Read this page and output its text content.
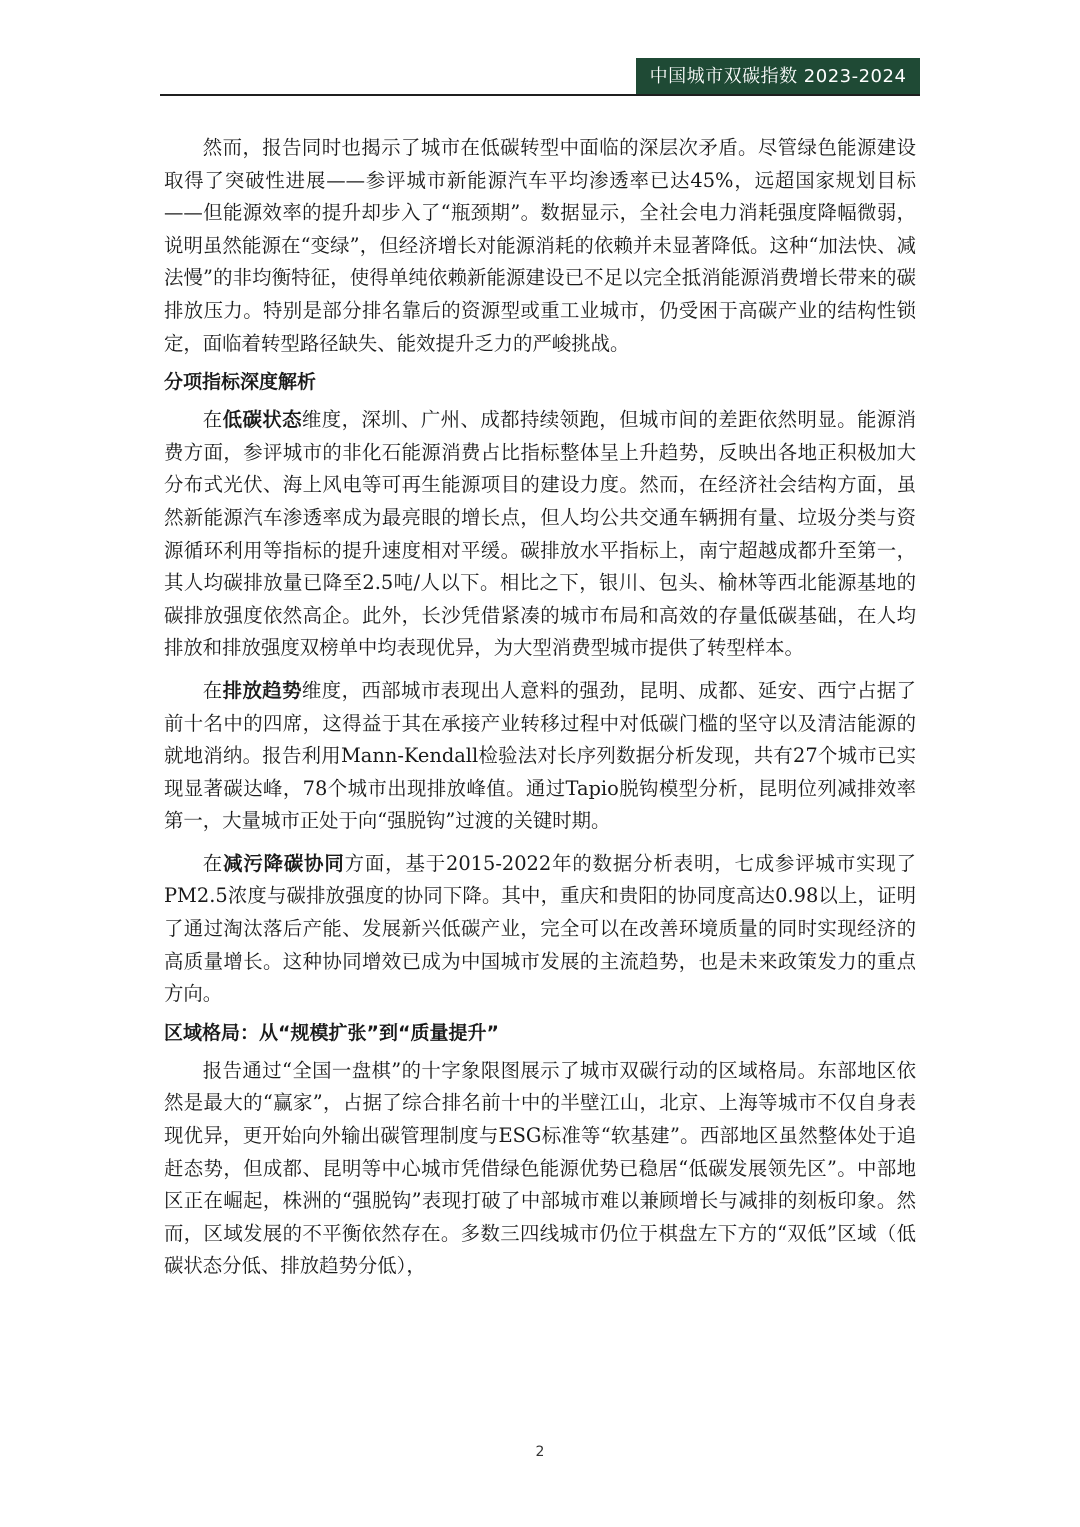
中国城市双碳指数 2023-2024

然而，报告同时也揭示了城市在低碳转型中面临的深层次矛盾。尽管绿色能源建设取得了突破性进展——参评城市新能源汽车平均渗透率已达45%，远超国家规划目标——但能源效率的提升却步入了“瓶颈期”。数据显示，全社会电力消耗强度降幅微弱，说明虽然能源在“变绿”，但经济增长对能源消耗的依赖并未显著降低。这种“加法快、减法慢”的非均衡特征，使得单纯依赖新能源建设已不足以完全抵消能源消费增长带来的碳排放压力。特别是部分排名靠后的资源型或重工业城市，仍受困于高碳产业的结构性锁定，面临着转型路径缺失、能效提升乏力的严峻挑战。

分项指标深度解析

在低碳状态维度，深圳、广州、成都持续领跑，但城市间的差距依然明显。能源消费方面，参评城市的非化石能源消费占比指标整体呈上升趋势，反映出各地正积极加大分布式光伏、海上风电等可再生能源项目的建设力度。然而，在经济社会结构方面，虽然新能源汽车渗透率成为最亮眼的增长点，但人均公共交通车辆拥有量、垃圾分类与资源循环利用等指标的提升速度相对平缓。碳排放水平指标上，南宁超越成都升至第一，其人均碳排放量已降至2.5吨/人以下。相比之下，银川、包头、榆林等西北能源基地的碳排放强度依然高企。此外，长沙凭借紧凑的城市布局和高效的存量低碳基础，在人均排放和排放强度双榜单中均表现优异，为大型消费型城市提供了转型样本。

在排放趋势维度，西部城市表现出人意料的强劲，昆明、成都、延安、西宁占据了前十名中的四席，这得益于其在承接产业转移过程中对低碳门槛的坚守以及清洁能源的就地消纳。报告利用Mann-Kendall检验法对长序列数据分析发现，共有27个城市已实现显著碳达峰，78个城市出现排放峰值。通过Tapio脱钩模型分析，昆明位列减排效率第一，大量城市正处于向“强脱钩”过渡的关键时期。

在减污降碳协同方面，基于2015-2022年的数据分析表明，七成参评城市实现了PM2.5浓度与碳排放强度的协同下降。其中，重庆和贵阳的协同度高达0.98以上，证明了通过淘汰落后产能、发展新兴低碳产业，完全可以在改善环境质量的同时实现经济的高质量增长。这种协同增效已成为中国城市发展的主流趋势，也是未来政策发力的重点方向。

区域格局：从“规模扩张”到“质量提升”

报告通过“全国一盘棋”的十字象限图展示了城市双碳行动的区域格局。东部地区依然是最大的“赢家”，占据了综合排名前十中的半壁江山，北京、上海等城市不仅自身表现优异，更开始向外输出碳管理制度与ESG标准等“软基建”。西部地区虽然整体处于追赶态势，但成都、昆明等中心城市凭借绿色能源优势已稳居“低碳发展领先区”。中部地区正在崛起，株洲的“强脱钩”表现打破了中部城市难以兼顾增长与减排的刻板印象。然而，区域发展的不平衡依然存在。多数三四线城市仍位于棋盘左下方的“双低”区域（低碳状态分低、排放趋势分低），

2
